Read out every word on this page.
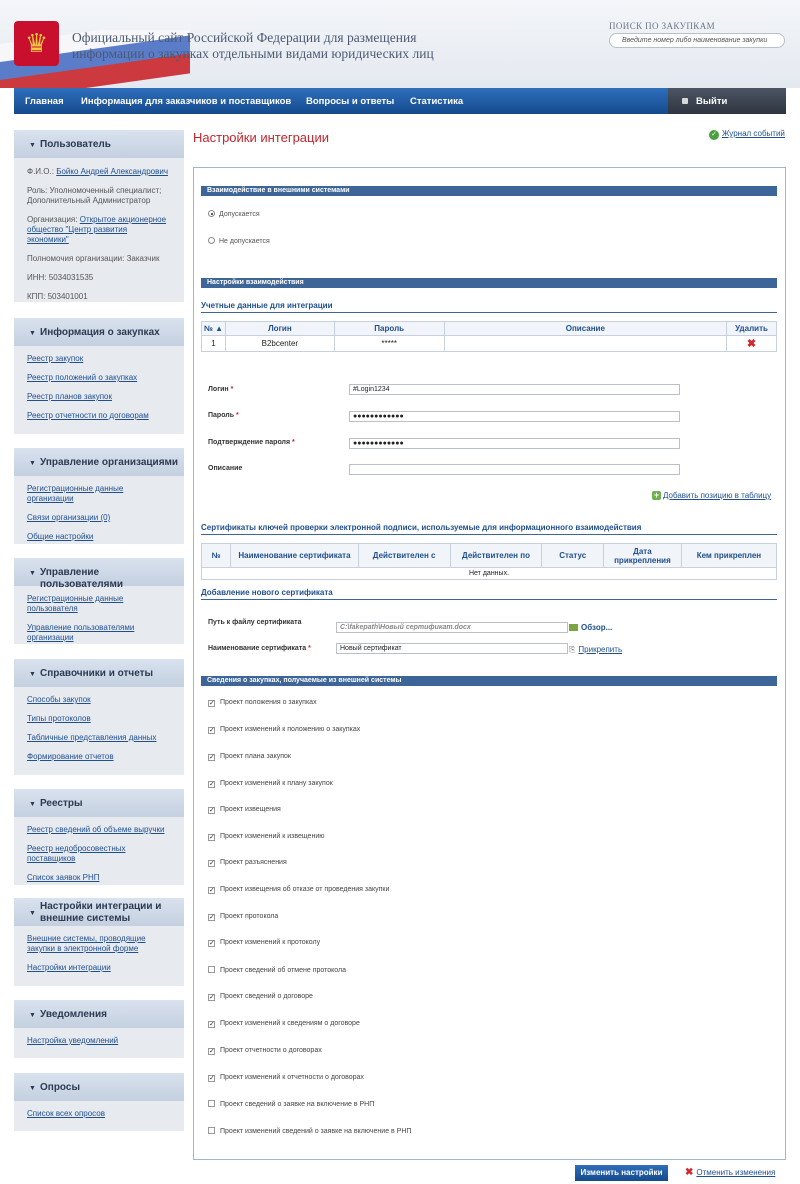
♛	Официальный сайт Российской Федерации для размещения информации о закупках отдельными видами юридических лиц
ПОИСК ПО ЗАКУПКАМ
Введите номер либо наименование закупки
Главная Информация для заказчиков и поставщиков Вопросы и ответы Статистика	Выйти
▼ Пользователь
Ф.И.О.: Бойко Андрей Александрович
Роль: Уполномоченный специалист; Дополнительный Администратор
Организация: Открытое акционерное общество "Центр развития экономики"
Полномочия организации: Заказчик
ИНН: 5034031535
КПП: 503401001
▼ Информация о закупках
Реестр закупок
Реестр положений о закупках
Реестр планов закупок
Реестр отчетности по договорам
▼ Управление организациями
Регистрационные данные организации
Связи организации (0)
Общие настройки
▼ Управление пользователями
Регистрационные данные пользователя
Управление пользователями организации
▼ Справочники и отчеты
Способы закупок
Типы протоколов
Табличные представления данных
Формирование отчетов
▼ Реестры
Реестр сведений об объеме выручки
Реестр недобросовестных поставщиков
Список заявок РНП
▼
Настройки интеграции и внешние системы
Внешние системы, проводящие закупки в электронной форме
Настройки интеграции
▼ Уведомления
Настройка уведомлений
▼ Опросы
Список всех опросов
Настройки интеграции	✓ Журнал событий
Взаимодействие в внешними системами
Допускается
Не допускается
Настройки взаимодействия
Учетные данные для интеграции
№ ▲	Логин	Пароль	Описание	Удалить
1	B2bcenter	*****		✖
Логин *	#Login1234
Пароль *	●●●●●●●●●●●●
Подтверждение пароля *	●●●●●●●●●●●●
Описание
+ Добавить позицию в таблицу
Сертификаты ключей проверки электронной подписи, используемые для информационного взаимодействия
№	Наименование сертификата	Действителен с	Действителен по	Статус	Дата прикрепления	Кем прикреплен
Нет данных.
Добавление нового сертификата
Путь к файлу сертификата
C:\fakepath\Новый сертификат.docx	Обзор...
Наименование сертификата *	Новый сертификат	⎘ Прикрепить
Сведения о закупках, получаемые из внешней системы
✓ Проект положения о закупках
✓ Проект изменений к положению о закупках
✓ Проект плана закупок
✓ Проект изменений к плану закупок
✓ Проект извещения
✓ Проект изменений к извещению
✓ Проект разъяснения
✓ Проект извещения об отказе от проведения закупки
✓ Проект протокола
✓ Проект изменений к протоколу
Проект сведений об отмене протокола
✓ Проект сведений о договоре
✓ Проект изменений к сведениям о договоре
✓ Проект отчетности о договорах
✓ Проект изменений к отчетности о договорах
Проект сведений о заявке на включение в РНП
Проект изменений сведений о заявке на включение в РНП
Изменить настройки	✖ Отменить изменения
